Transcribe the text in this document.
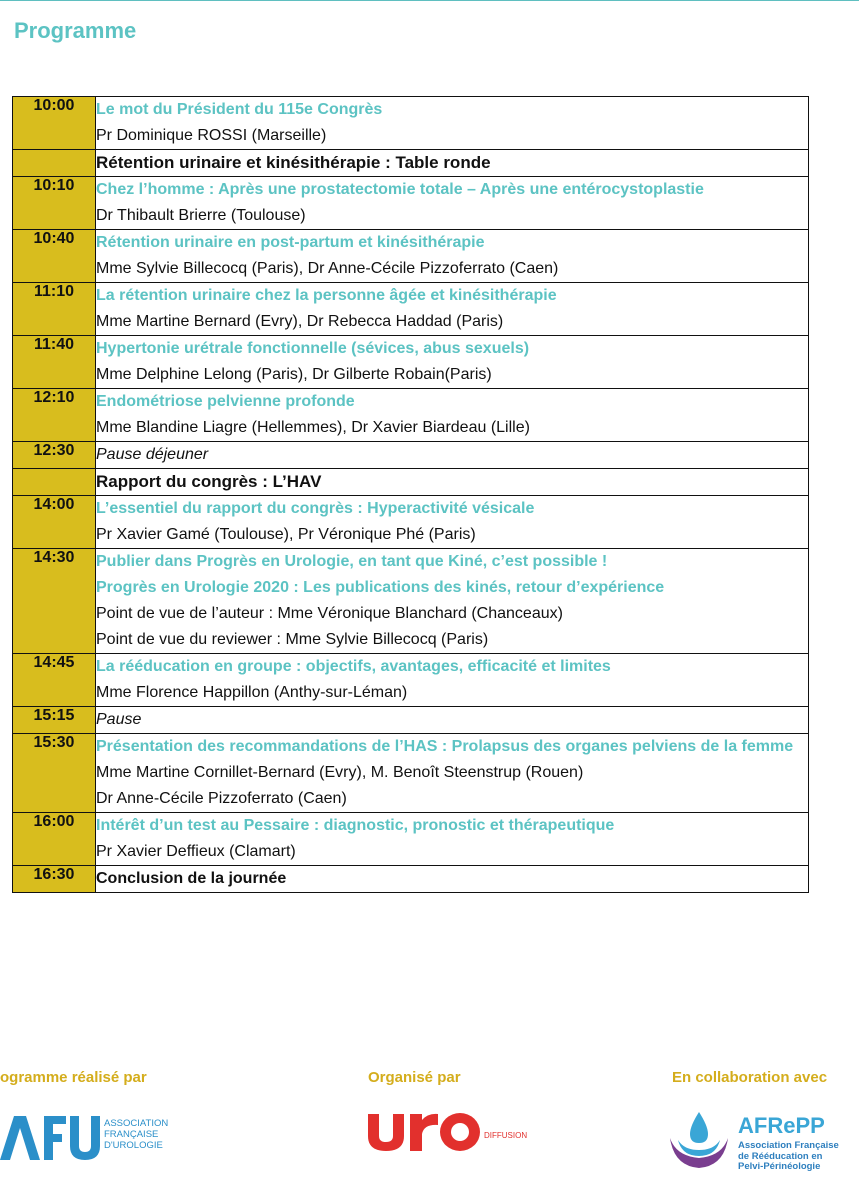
Programme
10:00	Le mot du Président du 115e Congrès
Pr Dominique ROSSI (Marseille)

	Rétention urinaire et kinésithérapie : Table ronde

10:10	Chez l’homme : Après une prostatectomie totale – Après une entérocystoplastie
Dr Thibault Brierre (Toulouse)

10:40	Rétention urinaire en post-partum et kinésithérapie
Mme Sylvie Billecocq (Paris), Dr Anne-Cécile Pizzoferrato (Caen)

11:10	La rétention urinaire chez la personne âgée et kinésithérapie
Mme Martine Bernard (Evry), Dr Rebecca Haddad (Paris)

11:40	Hypertonie urétrale fonctionnelle (sévices, abus sexuels)
Mme Delphine Lelong (Paris), Dr Gilberte Robain(Paris)

12:10	Endométriose pelvienne profonde
Mme Blandine Liagre (Hellemmes), Dr Xavier Biardeau (Lille)

12:30	Pause déjeuner

	Rapport du congrès : L’HAV

14:00	L’essentiel du rapport du congrès : Hyperactivité vésicale
Pr Xavier Gamé (Toulouse), Pr Véronique Phé (Paris)

14:30	Publier dans Progrès en Urologie, en tant que Kiné, c’est possible !
Progrès en Urologie 2020 : Les publications des kinés, retour d’expérience
Point de vue de l’auteur : Mme Véronique Blanchard (Chanceaux)
Point de vue du reviewer : Mme Sylvie Billecocq (Paris)

14:45	La rééducation en groupe : objectifs, avantages, efficacité et limites
Mme Florence Happillon (Anthy-sur-Léman)

15:15	Pause

15:30	Présentation des recommandations de l’HAS : Prolapsus des organes pelviens de la femme
Mme Martine Cornillet-Bernard (Evry), M. Benoît Steenstrup (Rouen)
Dr Anne-Cécile Pizzoferrato (Caen)

16:00	Intérêt d’un test au Pessaire : diagnostic, pronostic et thérapeutique
Pr Xavier Deffieux (Clamart)

16:30	Conclusion de la journée
ogramme réalisé par	Organisé par	En collaboration avec
ASSOCIATION
FRANÇAISE
D'UROLOGIE
DIFFUSION	AFRePP
Association Française
de Rééducation en
Pelvi-Périnéologie
